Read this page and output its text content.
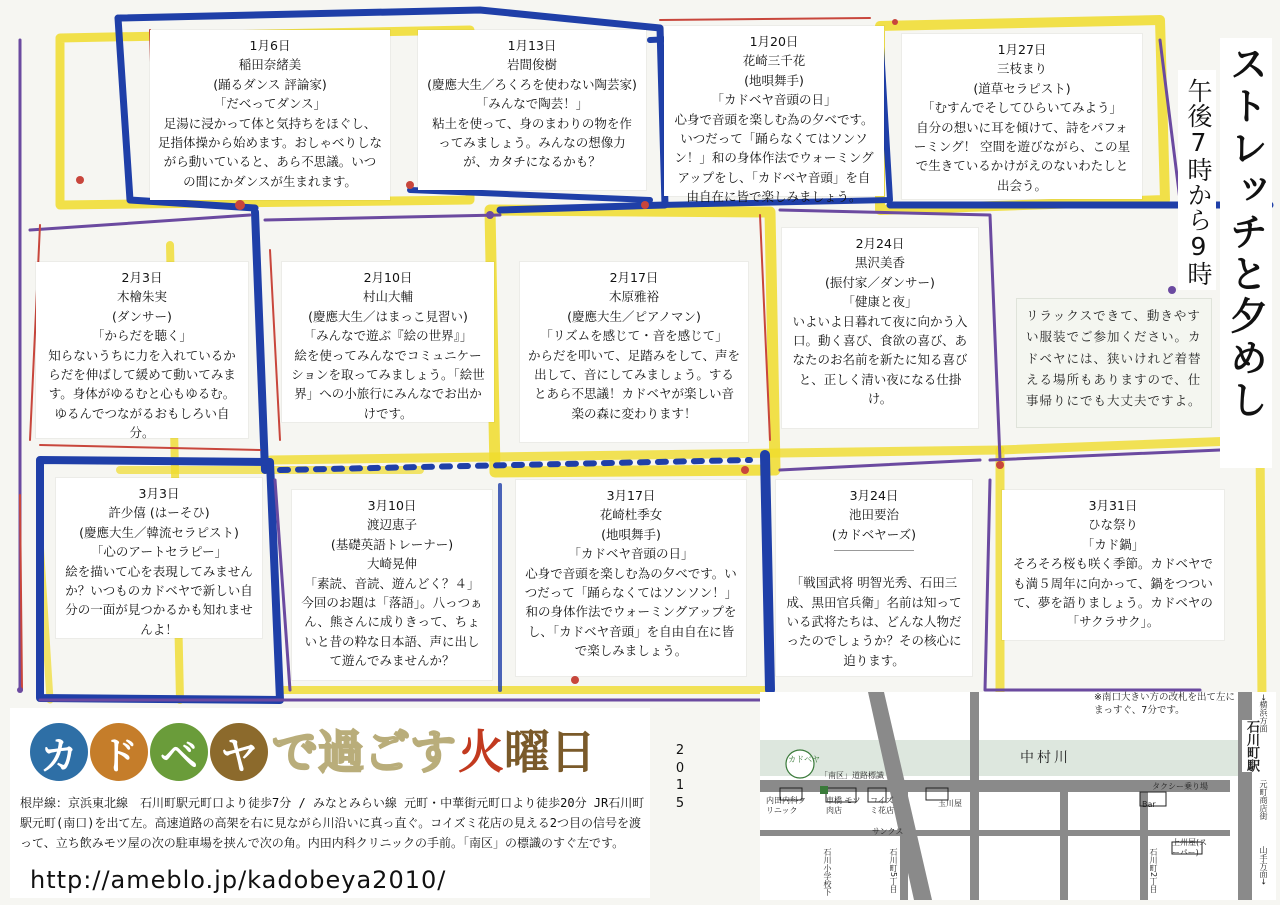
1月6日
稲田奈緒美
(踊るダンス 評論家)
「だべってダンス」
足湯に浸かって体と気持ちをほぐし、足指体操から始めます。おしゃべりしながら動いていると、あら不思議。いつの間にかダンスが生まれます。
1月13日
岩間俊樹
(慶應大生／ろくろを使わない陶芸家)
「みんなで陶芸！」
粘土を使って、身のまわりの物を作ってみましょう。みんなの想像力が、カタチになるかも？
1月20日
花崎三千花
(地唄舞手)
「カドベヤ音頭の日」
心身で音頭を楽しむ為の夕べです。いつだって「踊らなくてはソンソン！」和の身体作法でウォーミングアップをし、「カドベヤ音頭」を自由自在に皆で楽しみましょう。
1月27日
三枝まり
(道草セラピスト)
「むすんでそしてひらいてみよう」
自分の想いに耳を傾けて、詩をパフォーミング！ 空間を遊びながら、この星で生きているかけがえのないわたしと出会う。
2月3日
木檜朱実
(ダンサー)
「からだを聴く」
知らないうちに力を入れているからだを伸ばして緩めて動いてみます。身体がゆるむと心もゆるむ。ゆるんでつながるおもしろい自分。
2月10日
村山大輔
(慶應大生／はまっこ見習い)
「みんなで遊ぶ『絵の世界』」
絵を使ってみんなでコミュニケーションを取ってみましょう。「絵世界」への小旅行にみんなでお出かけです。
2月17日
木原雅裕
(慶應大生／ピアノマン)
「リズムを感じて・音を感じて」
からだを叩いて、足踏みをして、声を出して、音にしてみましょう。するとあら不思議！カドベヤが楽しい音楽の森に変わります！
2月24日
黒沢美香
(振付家／ダンサー)
「健康と夜」
いよいよ日暮れて夜に向かう入口。動く喜び、食欲の喜び、あなたのお名前を新たに知る喜びと、正しく清い夜になる仕掛け。
3月3日
許少僖 (はーそひ)
(慶應大生／韓流セラピスト)
「心のアートセラピー」
絵を描いて心を表現してみませんか？いつものカドベヤで新しい自分の一面が見つかるかも知れませんよ！
3月10日
渡辺恵子
(基礎英語トレーナー)
大崎晃伸
「素読、音読、遊んどく？４」今回のお題は「落語」。八っつぁん、熊さんに成りきって、ちょいと昔の粋な日本語、声に出して遊んでみませんか？
3月17日
花崎杜季女
(地唄舞手)
「カドベヤ音頭の日」
心身で音頭を楽しむ為の夕べです。いつだって「踊らなくてはソンソン！」和の身体作法でウォーミングアップをし、「カドベヤ音頭」を自由自在に皆で楽しみましょう。
3月24日
池田要治
(カドベヤーズ)
「戦国武将 明智光秀、石田三成、黒田官兵衛」名前は知っている武将たちは、どんな人物だったのでしょうか？その核心に迫ります。
3月31日
ひな祭り
「カド鍋」
そろそろ桜も咲く季節。カドベヤでも満５周年に向かって、鍋をつついて、夢を語りましょう。カドベヤの「サクラサク」。
ストレッチと夕めし
午後7時から9時
リラックスできて、動きやすい服装でご参加ください。カドベヤには、狭いけれど着替える場所もありますので、仕事帰りにでも大丈夫ですよ。
カ ド ベ ヤ で過ごす 火曜日
根岸線：京浜東北線　石川町駅元町口より徒歩7分 / みなとみらい線 元町・中華街元町口より徒歩20分 JR石川町駅元町(南口)を出て左。高速道路の高架を右に見ながら川沿いに真っ直ぐ。コイズミ花店の見える2つ目の信号を渡って、立ち飲みモツ屋の次の駐車場を挟んで次の角。内田内科クリニックの手前。「南区」の標識のすぐ左です。
http://ameblo.jp/kadobeya2010/
2
0
1
5
※南口大きい方の改札を出て左にまっすぐ、7分です。
中村川	石川町駅
カドベヤ
「南区」道路標識
内田内科クリニック
車橋 モツ肉店
コイズミ花店
玉川屋
サンクス
Bar
上州屋(スーパー)
タクシー乗り場
石川小学校下	石川町5丁目	石川町2丁目
→横浜方面
元町商店街
山手方面→
